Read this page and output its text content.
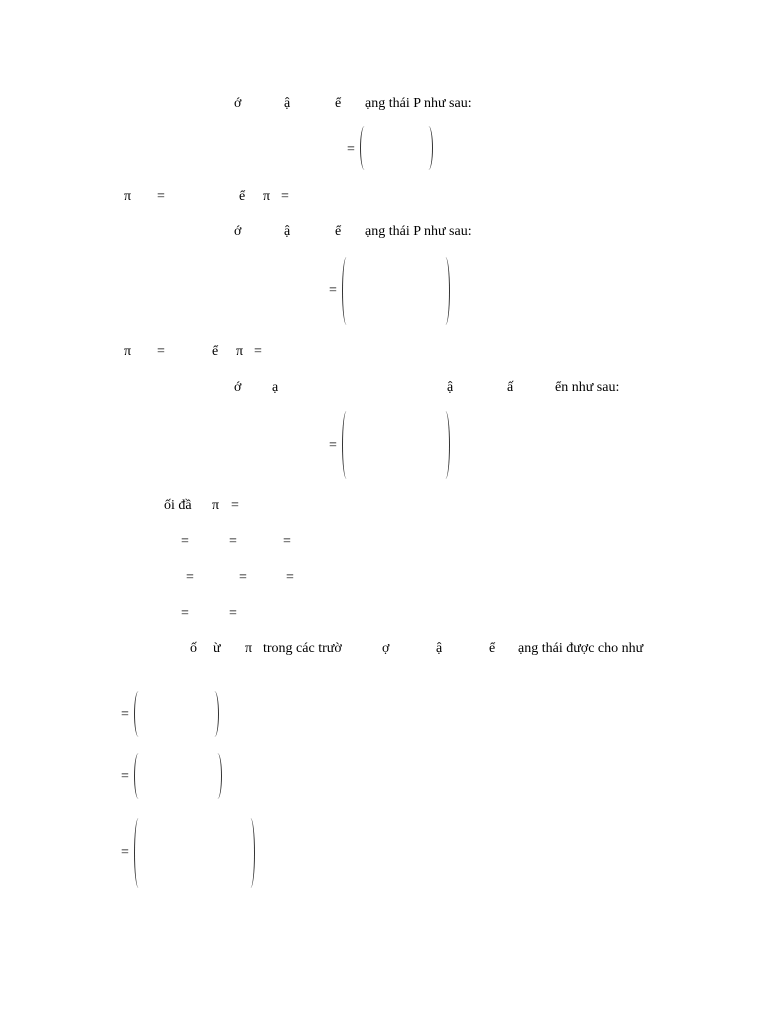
ớ	ậ	ể ạng thái P như sau:
=
π =	ể π =
ớ	ậ	ể ạng thái P như sau:
=
π =	ể π =
ớ ạ	ậ	ấ	ển như sau:
=
ối đầ π =
=	=	=
=	=	=
=	=
ố ừ π trong các trườ	ợ	ậ	ể ạng thái được cho như
=
=
=
